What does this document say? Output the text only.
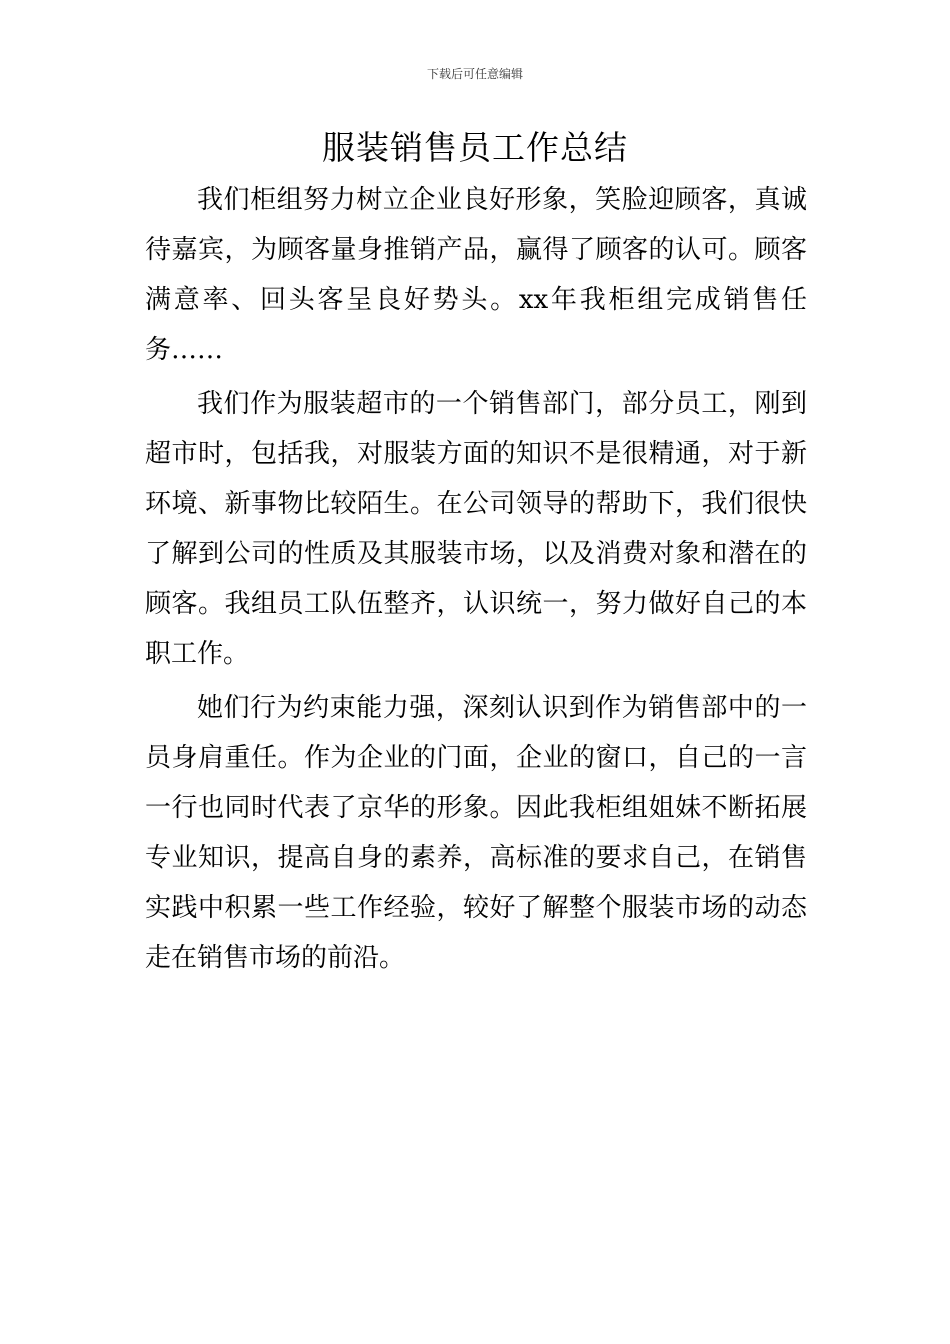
下载后可任意编辑
服装销售员工作总结

我们柜组努力树立企业良好形象，笑脸迎顾客，真诚待嘉宾，为顾客量身推销产品，赢得了顾客的认可。顾客满意率、回头客呈良好势头。xx年我柜组完成销售任务……

我们作为服装超市的一个销售部门，部分员工，刚到超市时，包括我，对服装方面的知识不是很精通，对于新环境、新事物比较陌生。在公司领导的帮助下，我们很快了解到公司的性质及其服装市场，以及消费对象和潜在的顾客。我组员工队伍整齐，认识统一，努力做好自己的本职工作。

她们行为约束能力强，深刻认识到作为销售部中的一员身肩重任。作为企业的门面，企业的窗口，自己的一言一行也同时代表了京华的形象。因此我柜组姐妹不断拓展专业知识，提高自身的素养，高标准的要求自己，在销售实践中积累一些工作经验，较好了解整个服装市场的动态走在销售市场的前沿。
